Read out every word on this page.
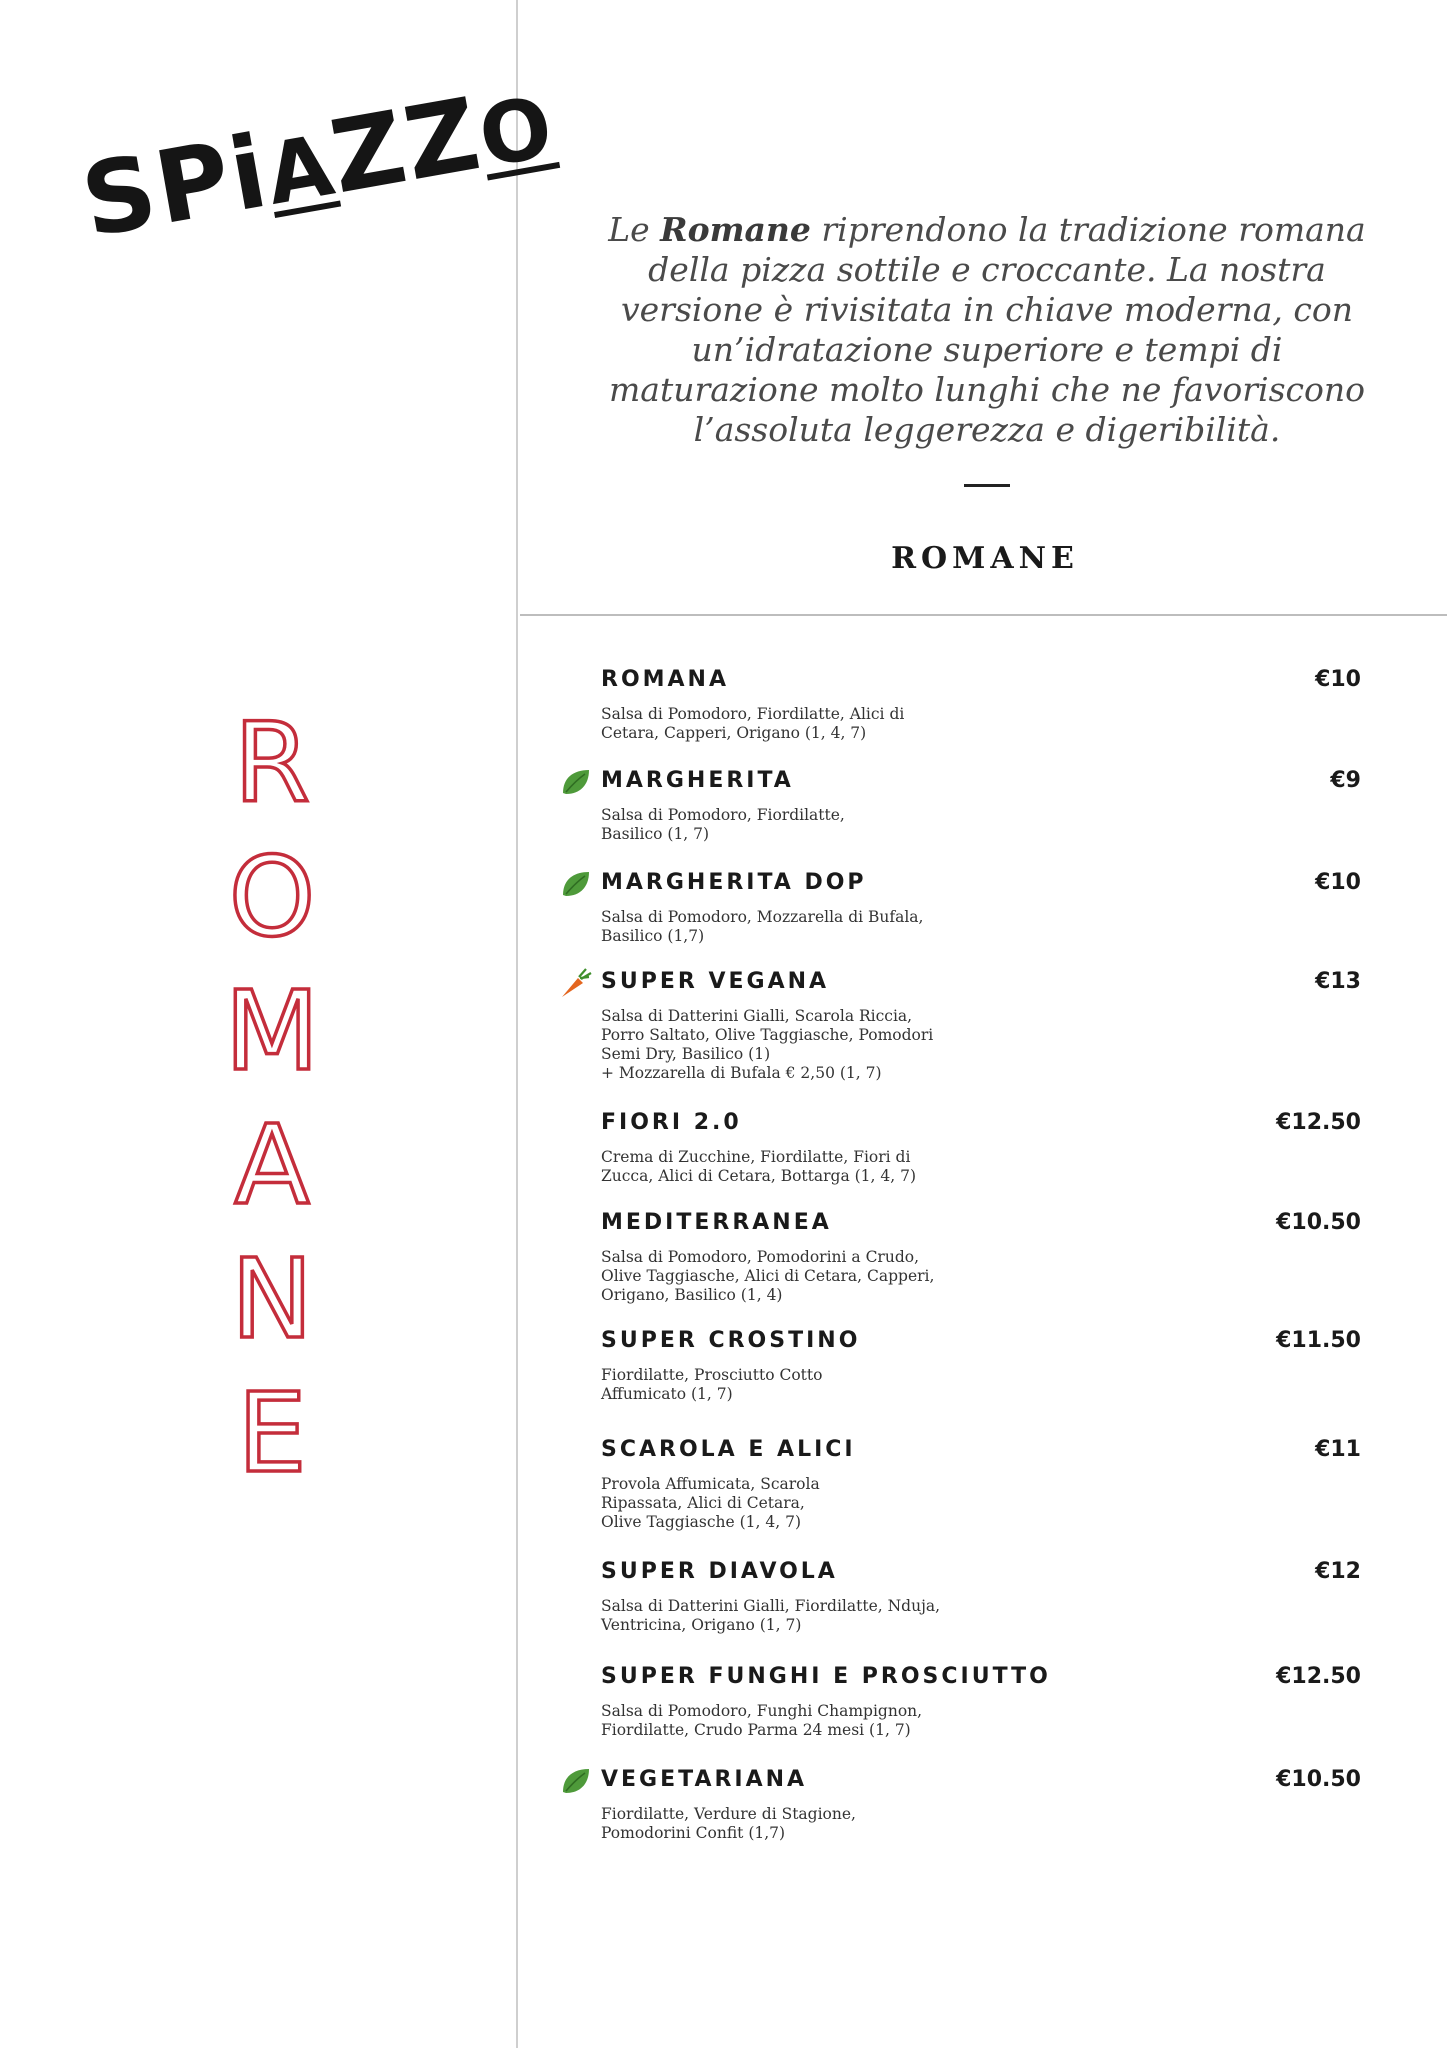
SPiAZZO
R
O
M
A
N
E
Le Romane riprendono la tradizione romana della pizza sottile e croccante. La nostra versione è rivisitata in chiave moderna, con un’idratazione superiore e tempi di maturazione molto lunghi che ne favoriscono l’assoluta leggerezza e digeribilità.
ROMANE
ROMANA	€10
Salsa di Pomodoro, Fiordilatte, Alici di
Cetara, Capperi, Origano (1, 4, 7)
MARGHERITA	€9
Salsa di Pomodoro, Fiordilatte,
Basilico (1, 7)
MARGHERITA DOP	€10
Salsa di Pomodoro, Mozzarella di Bufala,
Basilico (1,7)
SUPER VEGANA	€13
Salsa di Datterini Gialli, Scarola Riccia,
Porro Saltato, Olive Taggiasche, Pomodori
Semi Dry, Basilico (1)
+ Mozzarella di Bufala € 2,50 (1, 7)
FIORI 2.0	€12.50
Crema di Zucchine, Fiordilatte, Fiori di
Zucca, Alici di Cetara, Bottarga (1, 4, 7)
MEDITERRANEA	€10.50
Salsa di Pomodoro, Pomodorini a Crudo,
Olive Taggiasche, Alici di Cetara, Capperi,
Origano, Basilico (1, 4)
SUPER CROSTINO	€11.50
Fiordilatte, Prosciutto Cotto
Affumicato (1, 7)
SCAROLA E ALICI	€11
Provola Affumicata, Scarola
Ripassata, Alici di Cetara,
Olive Taggiasche (1, 4, 7)
SUPER DIAVOLA	€12
Salsa di Datterini Gialli, Fiordilatte, Nduja,
Ventricina, Origano (1, 7)
SUPER FUNGHI E PROSCIUTTO	€12.50
Salsa di Pomodoro, Funghi Champignon,
Fiordilatte, Crudo Parma 24 mesi (1, 7)
VEGETARIANA	€10.50
Fiordilatte, Verdure di Stagione,
Pomodorini Confit (1,7)
